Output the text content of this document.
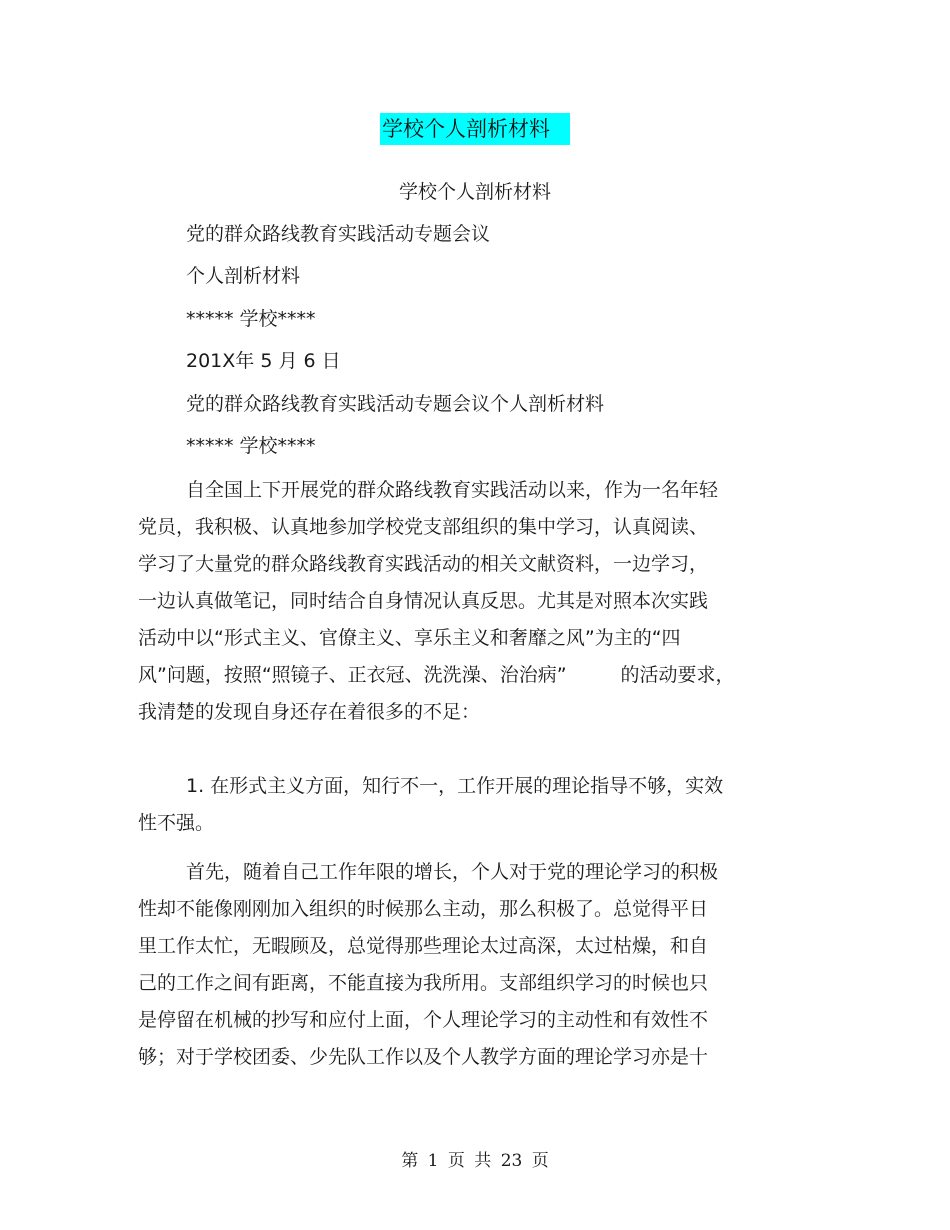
学校个人剖析材料
学校个人剖析材料
党的群众路线教育实践活动专题会议
个人剖析材料
***** 学校****
201X年 5 月 6 日
党的群众路线教育实践活动专题会议个人剖析材料
***** 学校****
自全国上下开展党的群众路线教育实践活动以来，作为一名年轻
党员，我积极、认真地参加学校党支部组织的集中学习，认真阅读、
学习了大量党的群众路线教育实践活动的相关文献资料，一边学习，
一边认真做笔记，同时结合自身情况认真反思。尤其是对照本次实践
活动中以“形式主义、官僚主义、享乐主义和奢靡之风”为主的“四
风”问题，按照“照镜子、正衣冠、洗洗澡、治治病”	的活动要求，
我清楚的发现自身还存在着很多的不足：
1. 在形式主义方面，知行不一，工作开展的理论指导不够，实效
性不强。
首先，随着自己工作年限的增长，个人对于党的理论学习的积极
性却不能像刚刚加入组织的时候那么主动，那么积极了。总觉得平日
里工作太忙，无暇顾及，总觉得那些理论太过高深，太过枯燥，和自
己的工作之间有距离，不能直接为我所用。支部组织学习的时候也只
是停留在机械的抄写和应付上面，个人理论学习的主动性和有效性不
够；对于学校团委、少先队工作以及个人教学方面的理论学习亦是十
第 1 页 共 23 页
